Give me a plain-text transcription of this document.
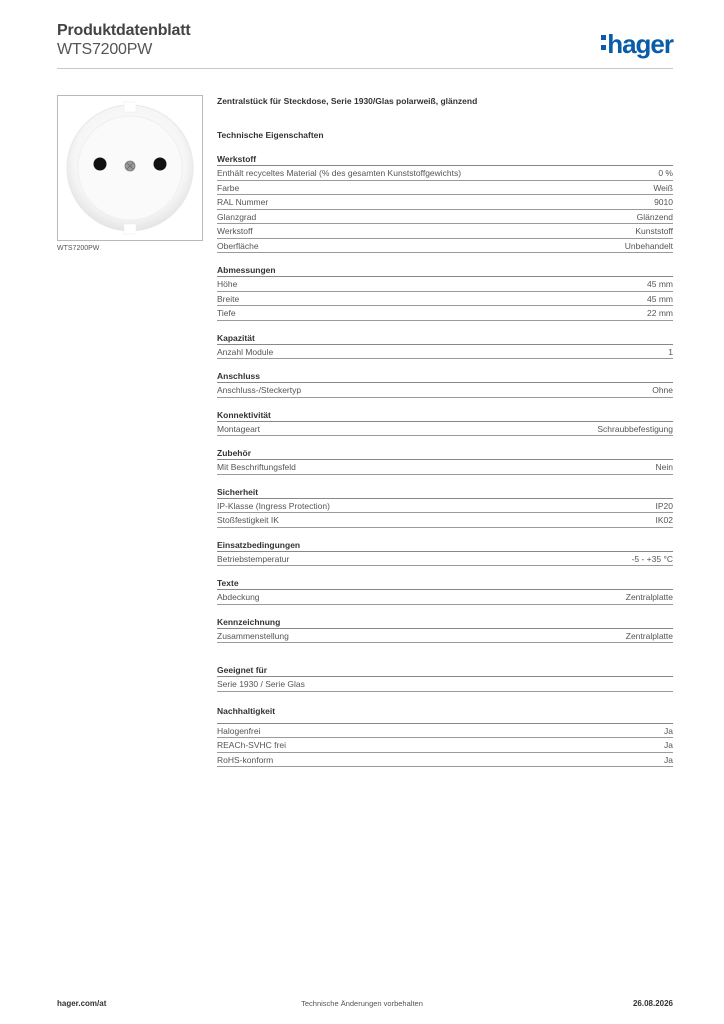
Produktdatenblatt
WTS7200PW	hager
WTS7200PW
Zentralstück für Steckdose, Serie 1930/Glas polarweiß, glänzend
Technische Eigenschaften
Werkstoff
Enthält recyceltes Material (% des gesamten Kunststoffgewichts)	0 %
Farbe	Weiß
RAL Nummer	9010
Glanzgrad	Glänzend
Werkstoff	Kunststoff
Oberfläche	Unbehandelt
Abmessungen
Höhe	45 mm
Breite	45 mm
Tiefe	22 mm
Kapazität
Anzahl Module	1
Anschluss
Anschluss-/Steckertyp	Ohne
Konnektivität
Montageart	Schraubbefestigung
Zubehör
Mit Beschriftungsfeld	Nein
Sicherheit
IP-Klasse (Ingress Protection)	IP20
Stoßfestigkeit IK	IK02
Einsatzbedingungen
Betriebstemperatur	-5 - +35 °C
Texte
Abdeckung	Zentralplatte
Kennzeichnung
Zusammenstellung	Zentralplatte
Geeignet für
Serie 1930 / Serie Glas
Nachhaltigkeit
Halogenfrei	Ja
REACh-SVHC frei	Ja
RoHS-konform	Ja
hager.com/at	Technische Änderungen vorbehalten	26.08.2026
